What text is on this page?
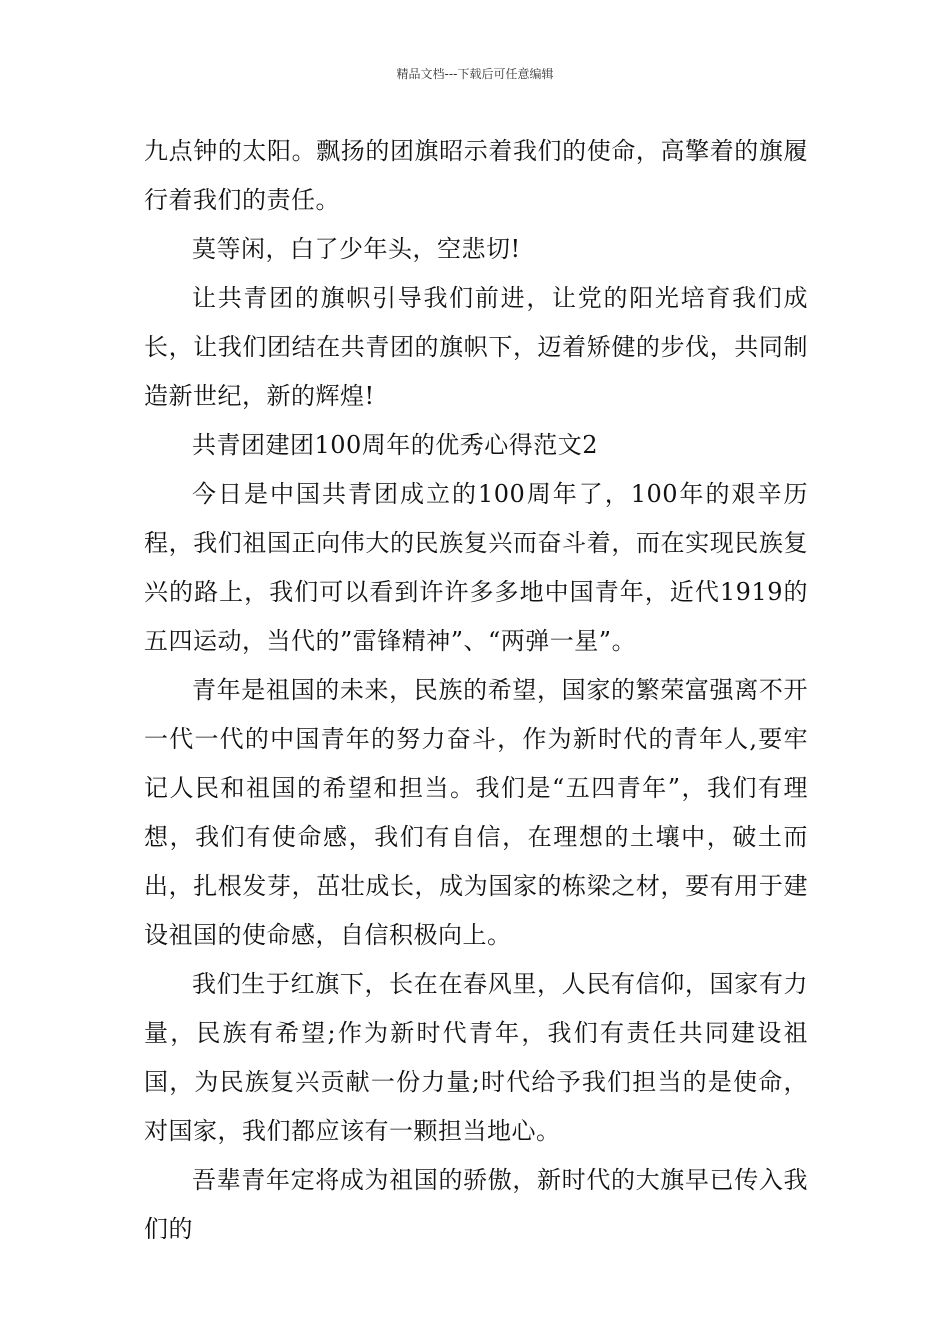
精品文档---下载后可任意编辑

九点钟的太阳。飘扬的团旗昭示着我们的使命，高擎着的旗履行着我们的责任。

莫等闲，白了少年头，空悲切!

让共青团的旗帜引导我们前进，让党的阳光培育我们成长，让我们团结在共青团的旗帜下，迈着矫健的步伐，共同制造新世纪，新的辉煌!

共青团建团100周年的优秀心得范文2

今日是中国共青团成立的100周年了，100年的艰辛历程，我们祖国正向伟大的民族复兴而奋斗着，而在实现民族复兴的路上，我们可以看到许许多多地中国青年，近代1919的五四运动，当代的”雷锋精神”、“两弹一星”。

青年是祖国的未来，民族的希望，国家的繁荣富强离不开一代一代的中国青年的努力奋斗，作为新时代的青年人,要牢记人民和祖国的希望和担当。我们是“五四青年”，我们有理想，我们有使命感，我们有自信，在理想的土壤中，破土而出，扎根发芽，茁壮成长，成为国家的栋梁之材，要有用于建设祖国的使命感，自信积极向上。

我们生于红旗下，长在在春风里，人民有信仰，国家有力量，民族有希望;作为新时代青年，我们有责任共同建设祖国，为民族复兴贡献一份力量;时代给予我们担当的是使命，对国家，我们都应该有一颗担当地心。

吾辈青年定将成为祖国的骄傲，新时代的大旗早已传入我们的
